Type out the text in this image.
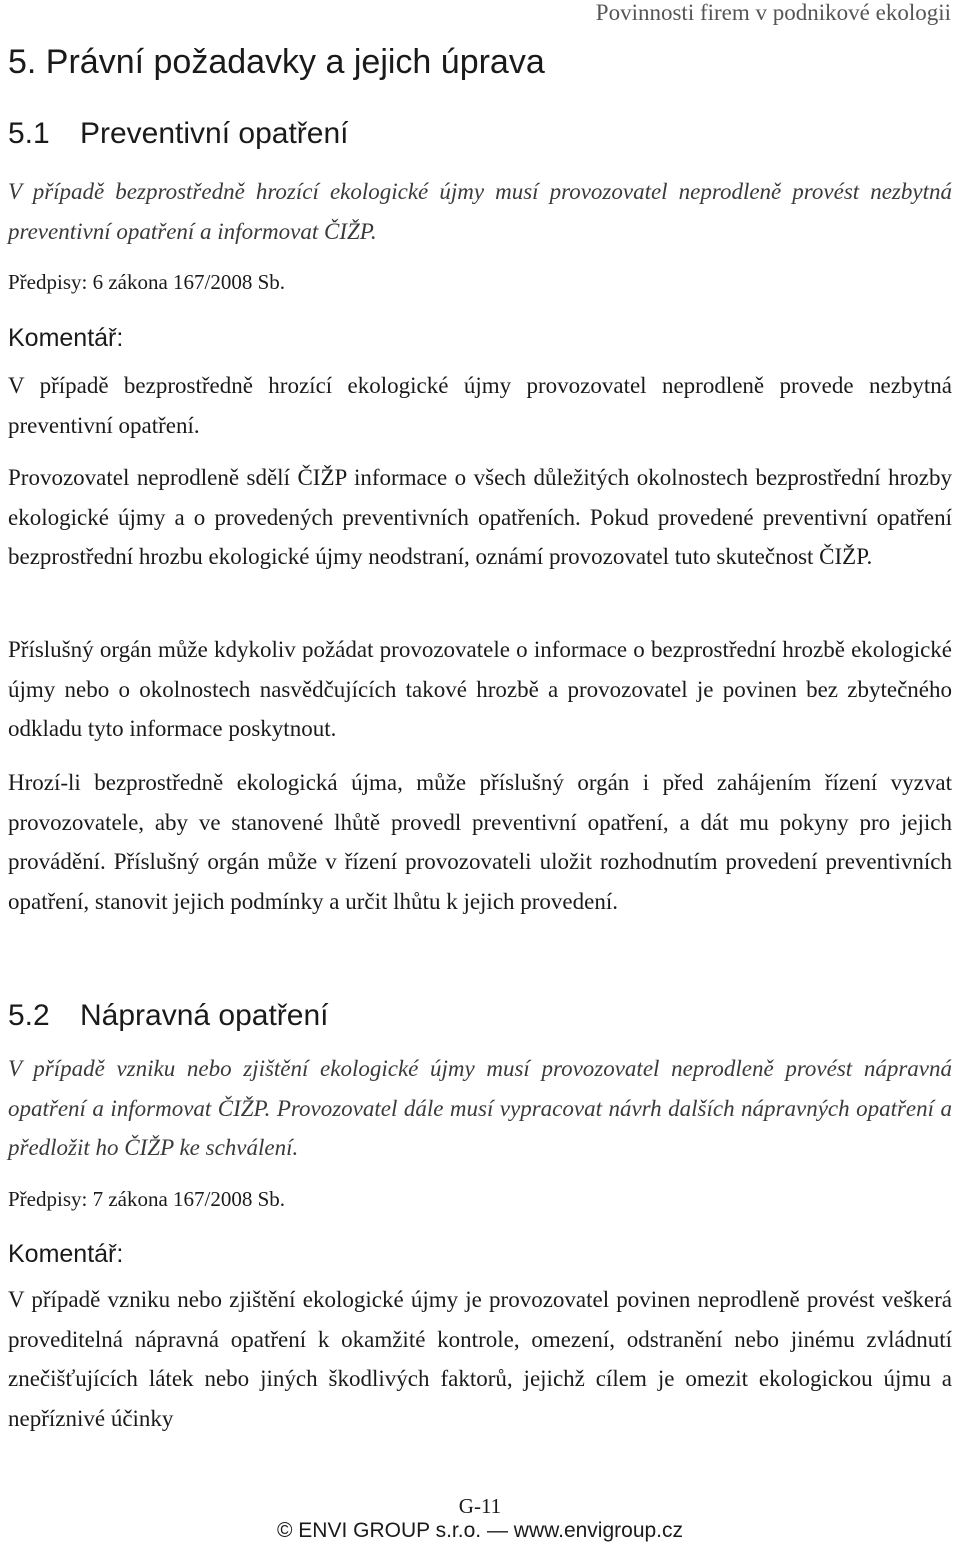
Povinnosti firem v podnikové ekologii
5. Právní požadavky a jejich úprava
5.1 Preventivní opatření

V případě bezprostředně hrozící ekologické újmy musí provozovatel neprodleně provést nezbytná preventivní opatření a informovat ČIŽP.

Předpisy: 6 zákona 167/2008 Sb.
Komentář:

V případě bezprostředně hrozící ekologické újmy provozovatel neprodleně provede nezbytná preventivní opatření.

Provozovatel neprodleně sdělí ČIŽP informace o všech důležitých okolnostech bezprostřední hrozby ekologické újmy a o provedených preventivních opatřeních. Pokud provedené preventivní opatření bezprostřední hrozbu ekologické újmy neodstraní, oznámí provozovatel tuto skutečnost ČIŽP.

Příslušný orgán může kdykoliv požádat provozovatele o informace o bezprostřední hrozbě ekologické újmy nebo o okolnostech nasvědčujících takové hrozbě a provozovatel je povinen bez zbytečného odkladu tyto informace poskytnout.

Hrozí-li bezprostředně ekologická újma, může příslušný orgán i před zahájením řízení vyzvat provozovatele, aby ve stanovené lhůtě provedl preventivní opatření, a dát mu pokyny pro jejich provádění. Příslušný orgán může v řízení provozovateli uložit rozhodnutím provedení preventivních opatření, stanovit jejich podmínky a určit lhůtu k jejich provedení.

5.2 Nápravná opatření

V případě vzniku nebo zjištění ekologické újmy musí provozovatel neprodleně provést nápravná opatření a informovat ČIŽP. Provozovatel dále musí vypracovat návrh dalších nápravných opatření a předložit ho ČIŽP ke schválení.

Předpisy: 7 zákona 167/2008 Sb.
Komentář:

V případě vzniku nebo zjištění ekologické újmy je provozovatel povinen neprodleně provést veškerá proveditelná nápravná opatření k okamžité kontrole, omezení, odstranění nebo jinému zvládnutí znečišťujících látek nebo jiných škodlivých faktorů, jejichž cílem je omezit ekologickou újmu a nepříznivé účinky

G-11
© ENVI GROUP s.r.o. — www.envigroup.cz
